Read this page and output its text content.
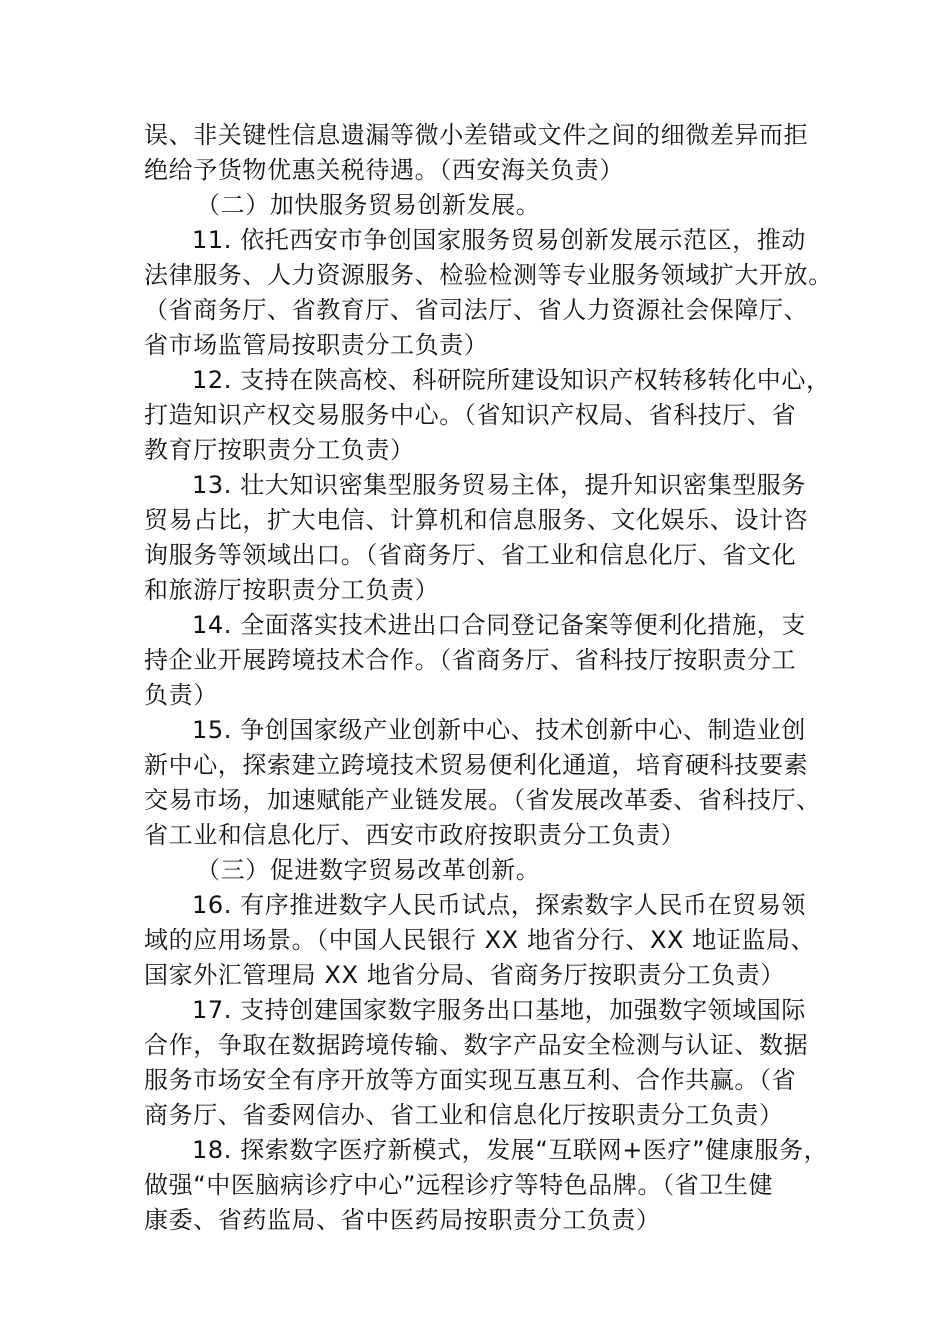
误、非关键性信息遗漏等微小差错或文件之间的细微差异而拒
绝给予货物优惠关税待遇。（西安海关负责）
（二）加快服务贸易创新发展。
11. 依托西安市争创国家服务贸易创新发展示范区，推动
法律服务、人力资源服务、检验检测等专业服务领域扩大开放。
（省商务厅、省教育厅、省司法厅、省人力资源社会保障厅、
省市场监管局按职责分工负责）
12. 支持在陕高校、科研院所建设知识产权转移转化中心，
打造知识产权交易服务中心。（省知识产权局、省科技厅、省
教育厅按职责分工负责）
13. 壮大知识密集型服务贸易主体，提升知识密集型服务
贸易占比，扩大电信、计算机和信息服务、文化娱乐、设计咨
询服务等领域出口。（省商务厅、省工业和信息化厅、省文化
和旅游厅按职责分工负责）
14. 全面落实技术进出口合同登记备案等便利化措施，支
持企业开展跨境技术合作。（省商务厅、省科技厅按职责分工
负责）
15. 争创国家级产业创新中心、技术创新中心、制造业创
新中心，探索建立跨境技术贸易便利化通道，培育硬科技要素
交易市场，加速赋能产业链发展。（省发展改革委、省科技厅、
省工业和信息化厅、西安市政府按职责分工负责）
（三）促进数字贸易改革创新。
16. 有序推进数字人民币试点，探索数字人民币在贸易领
域的应用场景。（中国人民银行 XX 地省分行、XX 地证监局、
国家外汇管理局 XX 地省分局、省商务厅按职责分工负责）
17. 支持创建国家数字服务出口基地，加强数字领域国际
合作，争取在数据跨境传输、数字产品安全检测与认证、数据
服务市场安全有序开放等方面实现互惠互利、合作共赢。（省
商务厅、省委网信办、省工业和信息化厅按职责分工负责）
18. 探索数字医疗新模式，发展“互联网+医疗”健康服务，
做强“中医脑病诊疗中心”远程诊疗等特色品牌。（省卫生健
康委、省药监局、省中医药局按职责分工负责）
